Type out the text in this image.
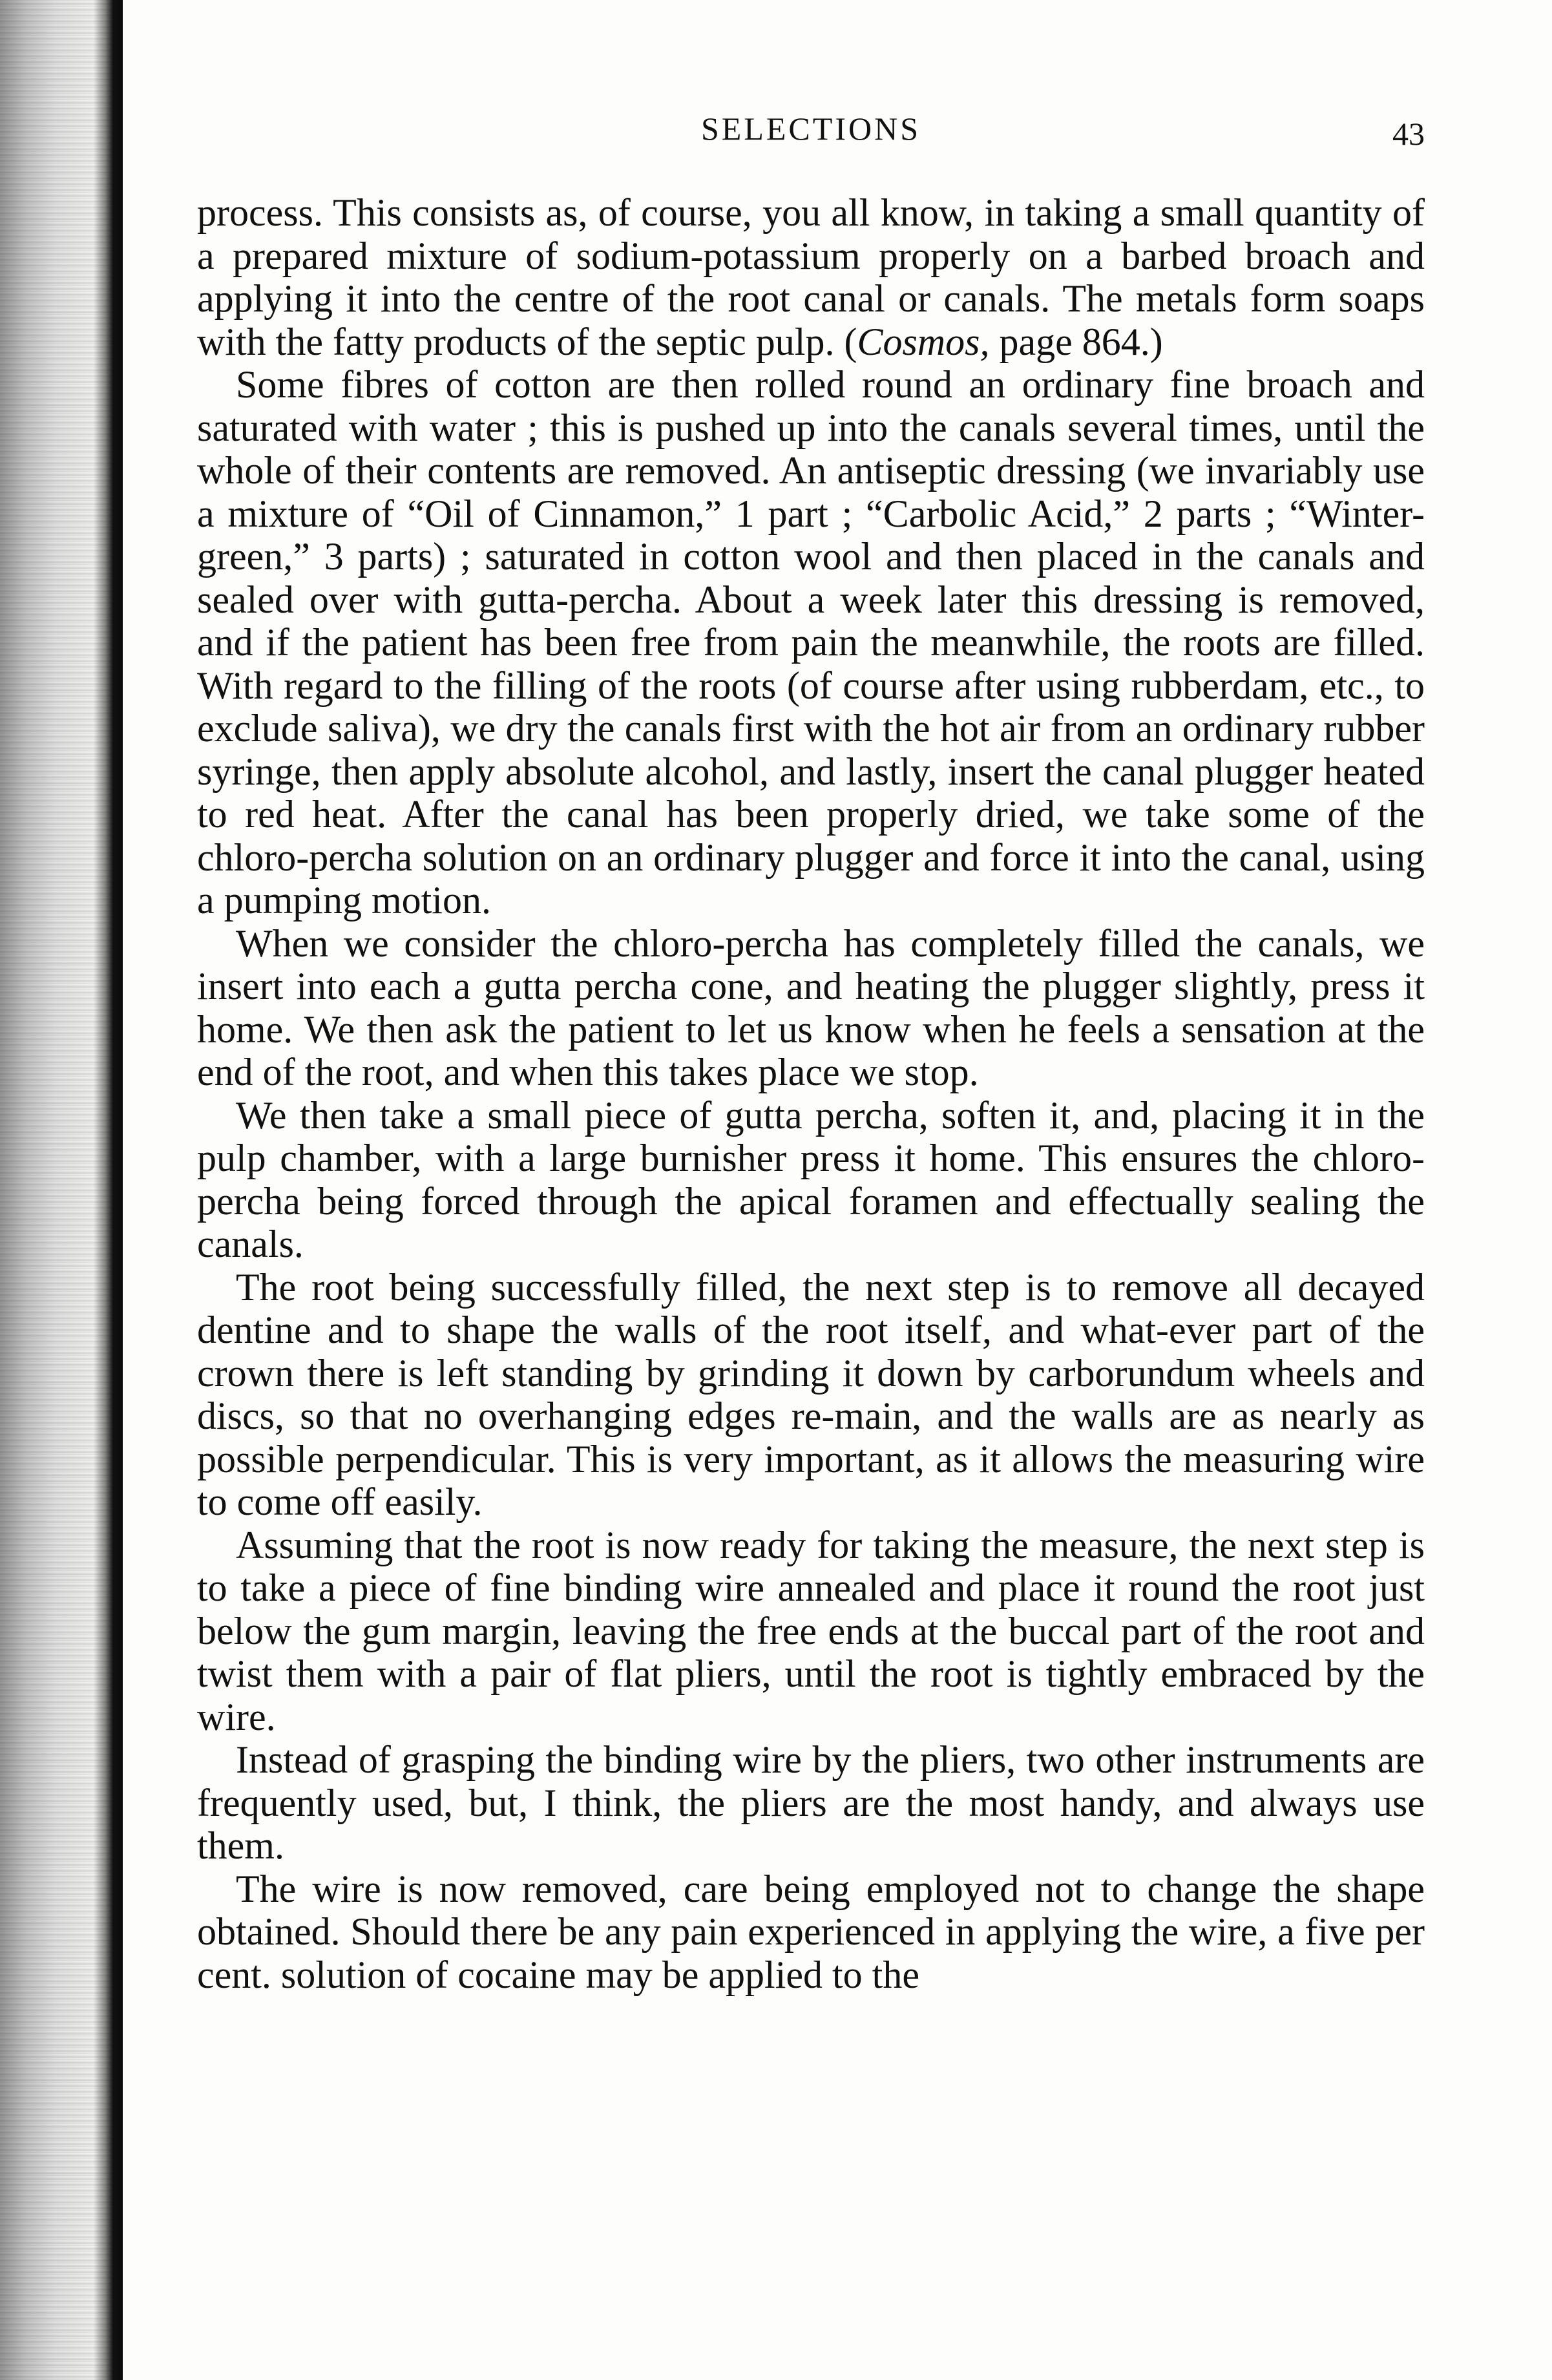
SELECTIONS	43

process. This consists as, of course, you all know, in taking a small quantity of a prepared mixture of sodium-potassium properly on a barbed broach and applying it into the centre of the root canal or canals. The metals form soaps with the fatty products of the septic pulp. (Cosmos, page 864.)

Some fibres of cotton are then rolled round an ordinary fine broach and saturated with water ; this is pushed up into the canals several times, until the whole of their contents are removed. An antiseptic dressing (we invariably use a mixture of “Oil of Cinnamon,” 1 part ; “Carbolic Acid,” 2 parts ; “Winter-green,” 3 parts) ; saturated in cotton wool and then placed in the canals and sealed over with gutta-percha. About a week later this dressing is removed, and if the patient has been free from pain the meanwhile, the roots are filled. With regard to the filling of the roots (of course after using rubberdam, etc., to exclude saliva), we dry the canals first with the hot air from an ordinary rubber syringe, then apply absolute alcohol, and lastly, insert the canal plugger heated to red heat. After the canal has been properly dried, we take some of the chloro-percha solution on an ordinary plugger and force it into the canal, using a pumping motion.

When we consider the chloro-percha has completely filled the canals, we insert into each a gutta percha cone, and heating the plugger slightly, press it home. We then ask the patient to let us know when he feels a sensation at the end of the root, and when this takes place we stop.

We then take a small piece of gutta percha, soften it, and, placing it in the pulp chamber, with a large burnisher press it home. This ensures the chloro-percha being forced through the apical foramen and effectually sealing the canals.

The root being successfully filled, the next step is to remove all decayed dentine and to shape the walls of the root itself, and what-ever part of the crown there is left standing by grinding it down by carborundum wheels and discs, so that no overhanging edges re-main, and the walls are as nearly as possible perpendicular. This is very important, as it allows the measuring wire to come off easily.

Assuming that the root is now ready for taking the measure, the next step is to take a piece of fine binding wire annealed and place it round the root just below the gum margin, leaving the free ends at the buccal part of the root and twist them with a pair of flat pliers, until the root is tightly embraced by the wire.

Instead of grasping the binding wire by the pliers, two other instruments are frequently used, but, I think, the pliers are the most handy, and always use them.

The wire is now removed, care being employed not to change the shape obtained. Should there be any pain experienced in applying the wire, a five per cent. solution of cocaine may be applied to the
